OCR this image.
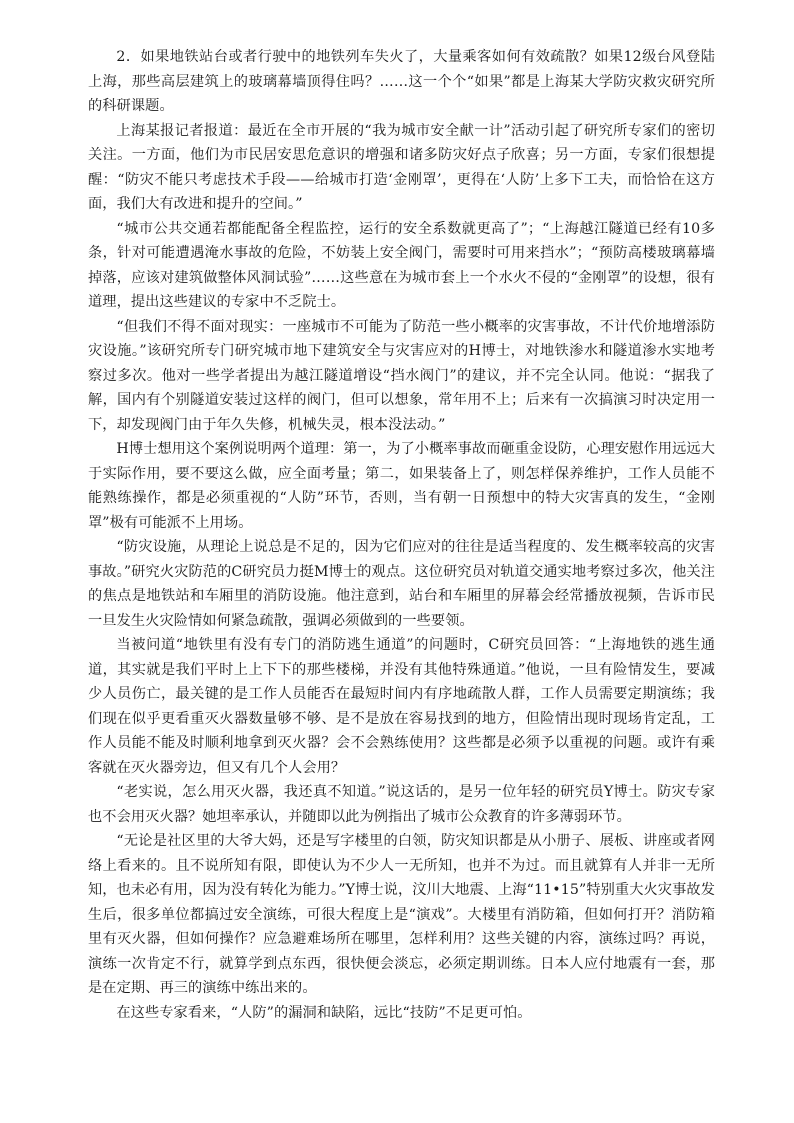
2．如果地铁站台或者行驶中的地铁列车失火了，大量乘客如何有效疏散？如果12级台风登陆上海，那些高层建筑上的玻璃幕墙顶得住吗？……这一个个“如果”都是上海某大学防灾救灾研究所的科研课题。

上海某报记者报道：最近在全市开展的“我为城市安全献一计”活动引起了研究所专家们的密切关注。一方面，他们为市民居安思危意识的增强和诸多防灾好点子欣喜；另一方面，专家们很想提醒：“防灾不能只考虑技术手段——给城市打造‘金刚罩’，更得在‘人防’上多下工夫，而恰恰在这方面，我们大有改进和提升的空间。”

“城市公共交通若都能配备全程监控，运行的安全系数就更高了”；“上海越江隧道已经有10多条，针对可能遭遇淹水事故的危险，不妨装上安全阀门，需要时可用来挡水”；“预防高楼玻璃幕墙掉落，应该对建筑做整体风洞试验”……这些意在为城市套上一个水火不侵的“金刚罩”的设想，很有道理，提出这些建议的专家中不乏院士。

“但我们不得不面对现实：一座城市不可能为了防范一些小概率的灾害事故，不计代价地增添防灾设施。”该研究所专门研究城市地下建筑安全与灾害应对的H博士，对地铁渗水和隧道渗水实地考察过多次。他对一些学者提出为越江隧道增设“挡水阀门”的建议，并不完全认同。他说：“据我了解，国内有个别隧道安装过这样的阀门，但可以想象，常年用不上；后来有一次搞演习时决定用一下，却发现阀门由于年久失修，机械失灵，根本没法动。”

H博士想用这个案例说明两个道理：第一，为了小概率事故而砸重金设防，心理安慰作用远远大于实际作用，要不要这么做，应全面考量；第二，如果装备上了，则怎样保养维护，工作人员能不能熟练操作，都是必须重视的“人防”环节，否则，当有朝一日预想中的特大灾害真的发生，“金刚罩”极有可能派不上用场。

“防灾设施，从理论上说总是不足的，因为它们应对的往往是适当程度的、发生概率较高的灾害事故。”研究火灾防范的C研究员力挺M博士的观点。这位研究员对轨道交通实地考察过多次，他关注的焦点是地铁站和车厢里的消防设施。他注意到，站台和车厢里的屏幕会经常播放视频，告诉市民一旦发生火灾险情如何紧急疏散，强调必须做到的一些要领。

当被问道“地铁里有没有专门的消防逃生通道”的问题时，C研究员回答：“上海地铁的逃生通道，其实就是我们平时上上下下的那些楼梯，并没有其他特殊通道。”他说，一旦有险情发生，要减少人员伤亡，最关键的是工作人员能否在最短时间内有序地疏散人群，工作人员需要定期演练；我们现在似乎更看重灭火器数量够不够、是不是放在容易找到的地方，但险情出现时现场肯定乱，工作人员能不能及时顺利地拿到灭火器？会不会熟练使用？这些都是必须予以重视的问题。或许有乘客就在灭火器旁边，但又有几个人会用？

“老实说，怎么用灭火器，我还真不知道。”说这话的，是另一位年轻的研究员Y博士。防灾专家也不会用灭火器？她坦率承认，并随即以此为例指出了城市公众教育的许多薄弱环节。

“无论是社区里的大爷大妈，还是写字楼里的白领，防灾知识都是从小册子、展板、讲座或者网络上看来的。且不说所知有限，即使认为不少人一无所知，也并不为过。而且就算有人并非一无所知，也未必有用，因为没有转化为能力。”Y博士说，汶川大地震、上海“11•15”特别重大火灾事故发生后，很多单位都搞过安全演练，可很大程度上是“演戏”。大楼里有消防箱，但如何打开？消防箱里有灭火器，但如何操作？应急避难场所在哪里，怎样利用？这些关键的内容，演练过吗？再说，演练一次肯定不行，就算学到点东西，很快便会淡忘，必须定期训练。日本人应付地震有一套，那是在定期、再三的演练中练出来的。

在这些专家看来，“人防”的漏洞和缺陷，远比“技防”不足更可怕。
